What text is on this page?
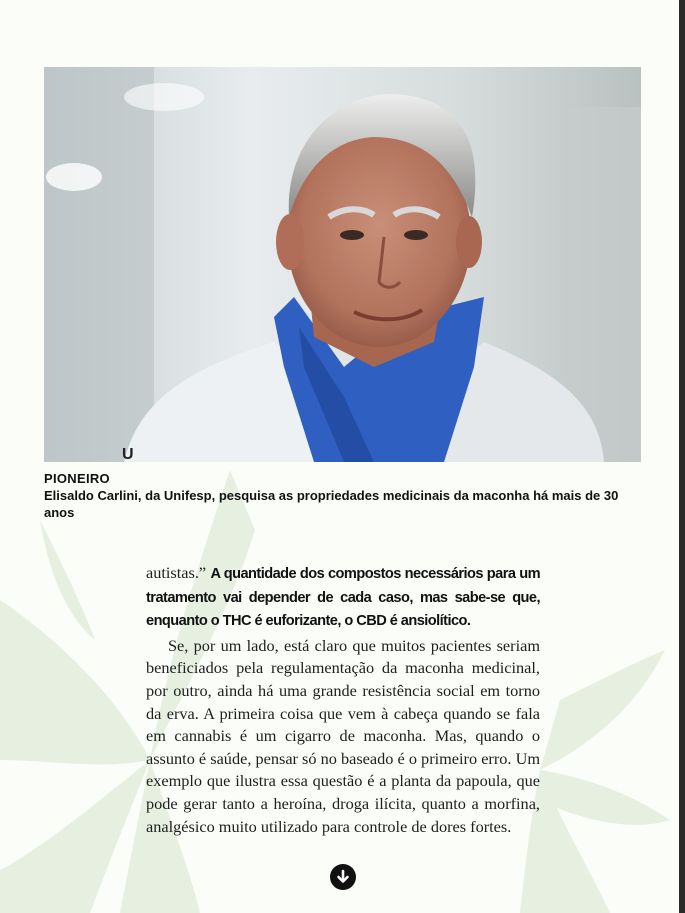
U
PIONEIRO
Elisaldo Carlini, da Unifesp, pesquisa as propriedades medicinais da maconha há mais de 30 anos

autistas.” A quantidade dos compostos necessários para um tratamento vai depender de cada caso, mas sabe-se que, enquanto o THC é euforizante, o CBD é ansiolítico.

Se, por um lado, está claro que muitos pacientes seriam beneficiados pela regulamentação da maconha medicinal, por outro, ainda há uma grande resistência social em torno da erva. A primeira coisa que vem à cabeça quando se fala em cannabis é um cigarro de maconha. Mas, quando o assunto é saúde, pensar só no baseado é o primeiro erro. Um exemplo que ilustra essa questão é a planta da papoula, que pode gerar tanto a heroína, droga ilícita, quanto a morfina, analgésico muito utilizado para controle de dores fortes.
